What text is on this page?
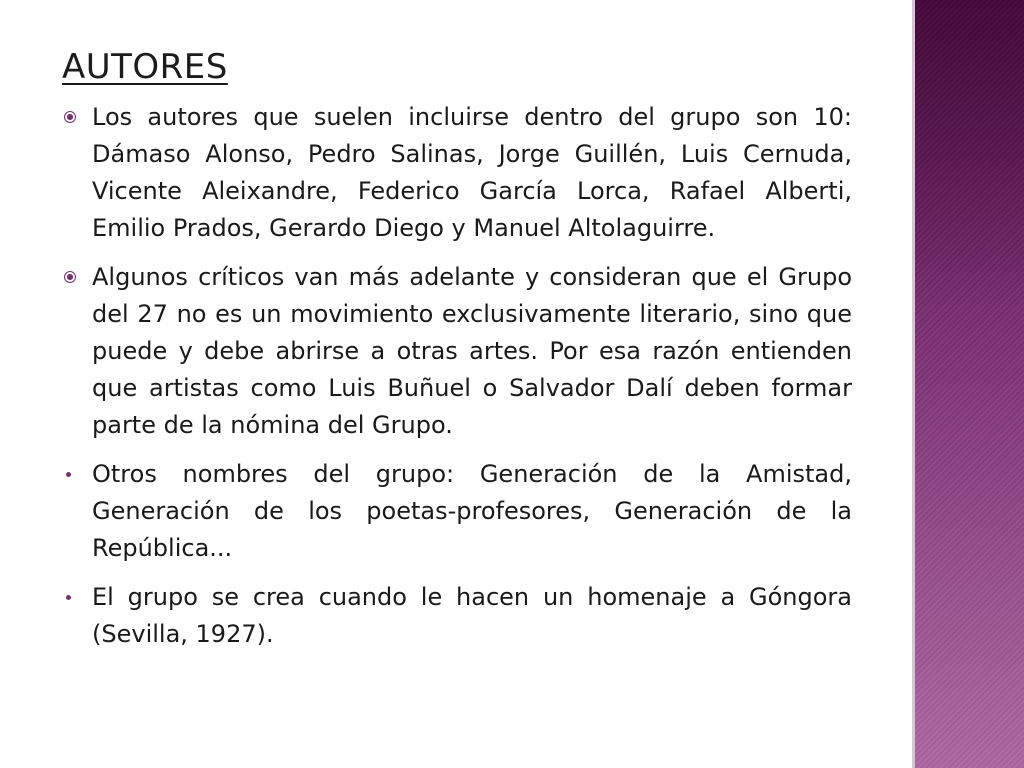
AUTORES
Los autores que suelen incluirse dentro del grupo son 10: Dámaso Alonso, Pedro Salinas, Jorge Guillén, Luis Cernuda, Vicente Aleixandre, Federico García Lorca, Rafael Alberti, Emilio Prados, Gerardo Diego y Manuel Altolaguirre.
Algunos críticos van más adelante y consideran que el Grupo del 27 no es un movimiento exclusivamente literario, sino que puede y debe abrirse a otras artes. Por esa razón entienden que artistas como Luis Buñuel o Salvador Dalí deben formar parte de la nómina del Grupo.
Otros nombres del grupo: Generación de la Amistad, Generación de los poetas-profesores, Generación de la República...
El grupo se crea cuando le hacen un homenaje a Góngora (Sevilla, 1927).
